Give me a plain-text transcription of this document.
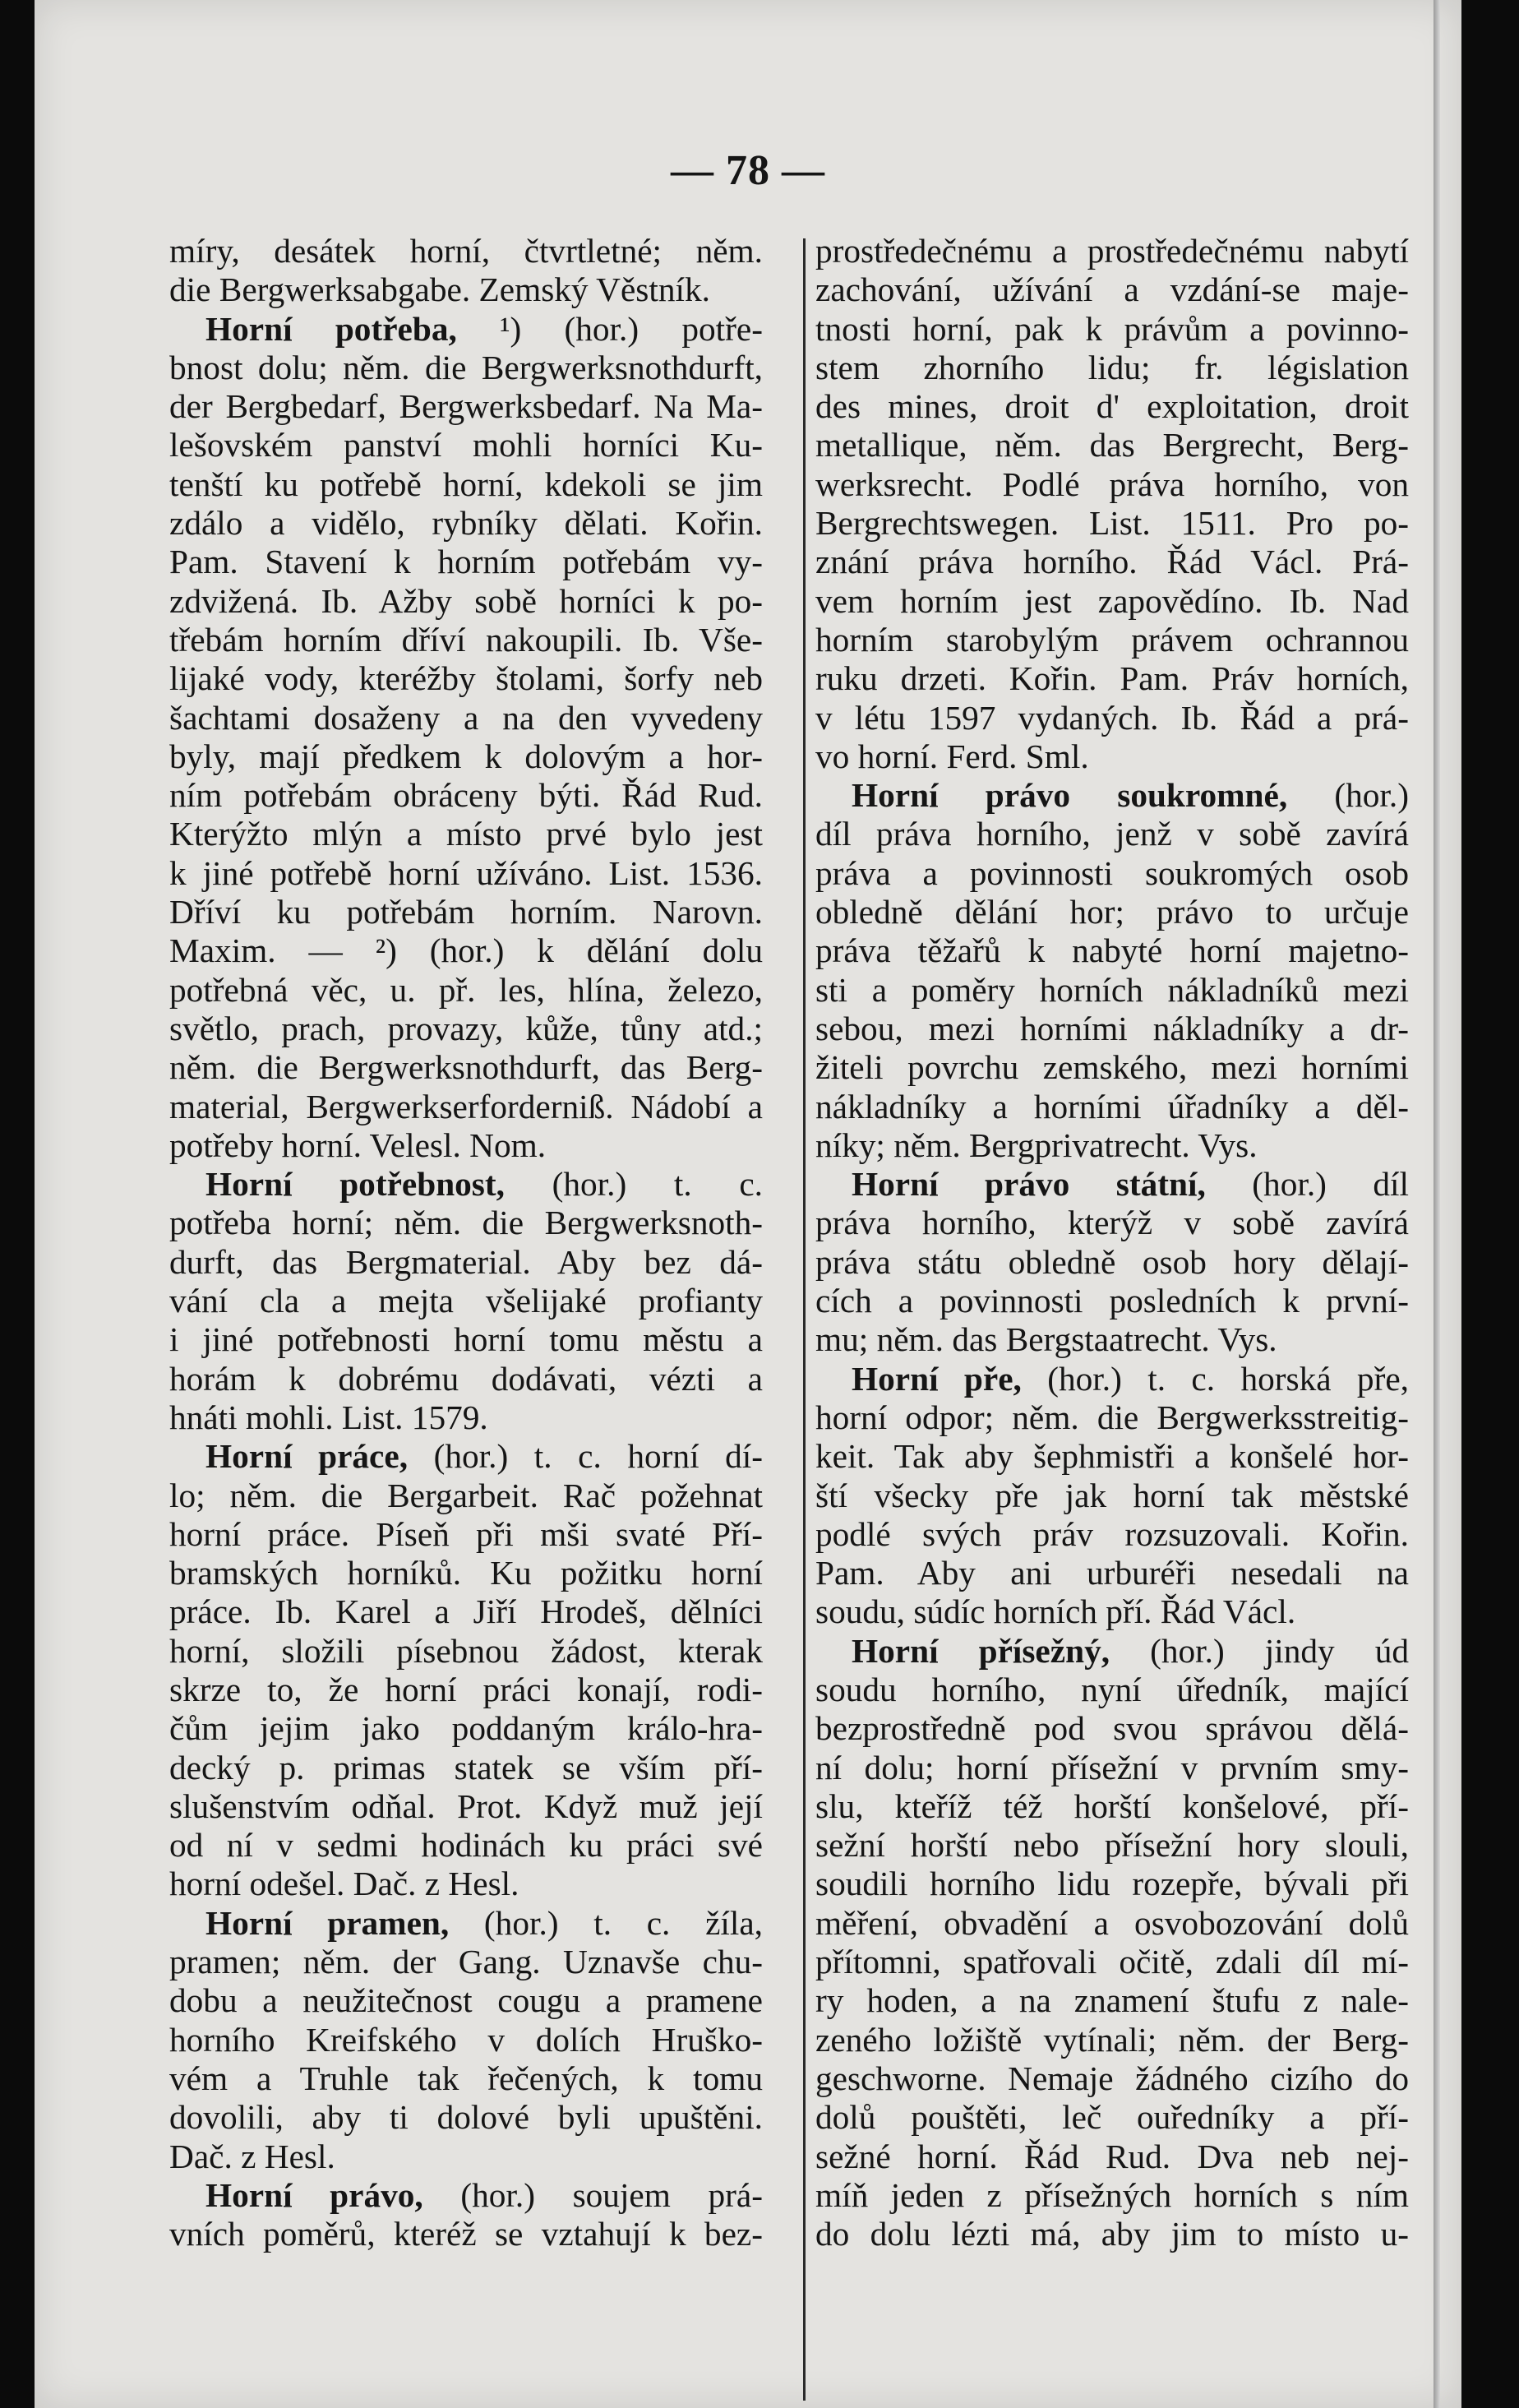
— 78 —
míry, desátek horní, čtvrtletné; něm.
die Bergwerksabgabe. Zemský Věstník.
Horní potřeba, ¹) (hor.) potře-
bnost dolu; něm. die Bergwerksnothdurft,
der Bergbedarf, Bergwerksbedarf. Na Ma-
lešovském panství mohli horníci Ku-
tenští ku potřebě horní, kdekoli se jim
zdálo a vidělo, rybníky dělati. Kořin.
Pam. Stavení k horním potřebám vy-
zdvižená. Ib. Ažby sobě horníci k po-
třebám horním dříví nakoupili. Ib. Vše-
lijaké vody, kteréžby štolami, šorfy neb
šachtami dosaženy a na den vyvedeny
byly, mají předkem k dolovým a hor-
ním potřebám obráceny býti. Řád Rud.
Kterýžto mlýn a místo prvé bylo jest
k jiné potřebě horní užíváno. List. 1536.
Dříví ku potřebám horním. Narovn.
Maxim. — ²) (hor.) k dělání dolu
potřebná věc, u. př. les, hlína, železo,
světlo, prach, provazy, kůže, tůny atd.;
něm. die Bergwerksnothdurft, das Berg-
material, Bergwerkserforderniß. Nádobí a
potřeby horní. Velesl. Nom.
Horní potřebnost, (hor.) t. c.
potřeba horní; něm. die Bergwerksnoth-
durft, das Bergmaterial. Aby bez dá-
vání cla a mejta všelijaké profianty
i jiné potřebnosti horní tomu městu a
horám k dobrému dodávati, vézti a
hnáti mohli. List. 1579.
Horní práce, (hor.) t. c. horní dí-
lo; něm. die Bergarbeit. Rač požehnat
horní práce. Píseň při mši svaté Pří-
bramských horníků. Ku požitku horní
práce. Ib. Karel a Jiří Hrodeš, dělníci
horní, složili písebnou žádost, kterak
skrze to, že horní práci konají, rodi-
čům jejim jako poddaným králo-hra-
decký p. primas statek se vším pří-
slušenstvím odňal. Prot. Když muž její
od ní v sedmi hodinách ku práci své
horní odešel. Dač. z Hesl.
Horní pramen, (hor.) t. c. žíla,
pramen; něm. der Gang. Uznavše chu-
dobu a neužitečnost cougu a pramene
horního Kreifského v dolích Hruško-
vém a Truhle tak řečených, k tomu
dovolili, aby ti dolové byli upuštěni.
Dač. z Hesl.
Horní právo, (hor.) soujem prá-
vních poměrů, kteréž se vztahují k bez-
prostředečnému a prostředečnému nabytí
zachování, užívání a vzdání-se maje-
tnosti horní, pak k právům a povinno-
stem zhorního lidu; fr. législation
des mines, droit d' exploitation, droit
metallique, něm. das Bergrecht, Berg-
werksrecht. Podlé práva horního, von
Bergrechtswegen. List. 1511. Pro po-
znání práva horního. Řád Václ. Prá-
vem horním jest zapovědíno. Ib. Nad
horním starobylým právem ochrannou
ruku drzeti. Kořin. Pam. Práv horních,
v létu 1597 vydaných. Ib. Řád a prá-
vo horní. Ferd. Sml.
Horní právo soukromné, (hor.)
díl práva horního, jenž v sobě zavírá
práva a povinnosti soukromých osob
obledně dělání hor; právo to určuje
práva těžařů k nabyté horní majetno-
sti a poměry horních nákladníků mezi
sebou, mezi horními nákladníky a dr-
žiteli povrchu zemského, mezi horními
nákladníky a horními úřadníky a děl-
níky; něm. Bergprivatrecht. Vys.
Horní právo státní, (hor.) díl
práva horního, kterýž v sobě zavírá
práva státu obledně osob hory dělají-
cích a povinnosti posledních k první-
mu; něm. das Bergstaatrecht. Vys.
Horní pře, (hor.) t. c. horská pře,
horní odpor; něm. die Bergwerksstreitig-
keit. Tak aby šephmistři a konšelé hor-
ští všecky pře jak horní tak městské
podlé svých práv rozsuzovali. Kořin.
Pam. Aby ani urburéři nesedali na
soudu, súdíc horních pří. Řád Václ.
Horní přísežný, (hor.) jindy úd
soudu horního, nyní úředník, mající
bezprostředně pod svou správou dělá-
ní dolu; horní přísežní v prvním smy-
slu, kteříž též horští konšelové, pří-
sežní horští nebo přísežní hory slouli,
soudili horního lidu rozepře, bývali při
měření, obvadění a osvobozování dolů
přítomni, spatřovali očitě, zdali díl mí-
ry hoden, a na znamení štufu z nale-
zeného ložiště vytínali; něm. der Berg-
geschworne. Nemaje žádného cizího do
dolů pouštěti, leč ouředníky a pří-
sežné horní. Řád Rud. Dva neb nej-
míň jeden z přísežných horních s ním
do dolu lézti má, aby jim to místo u-
